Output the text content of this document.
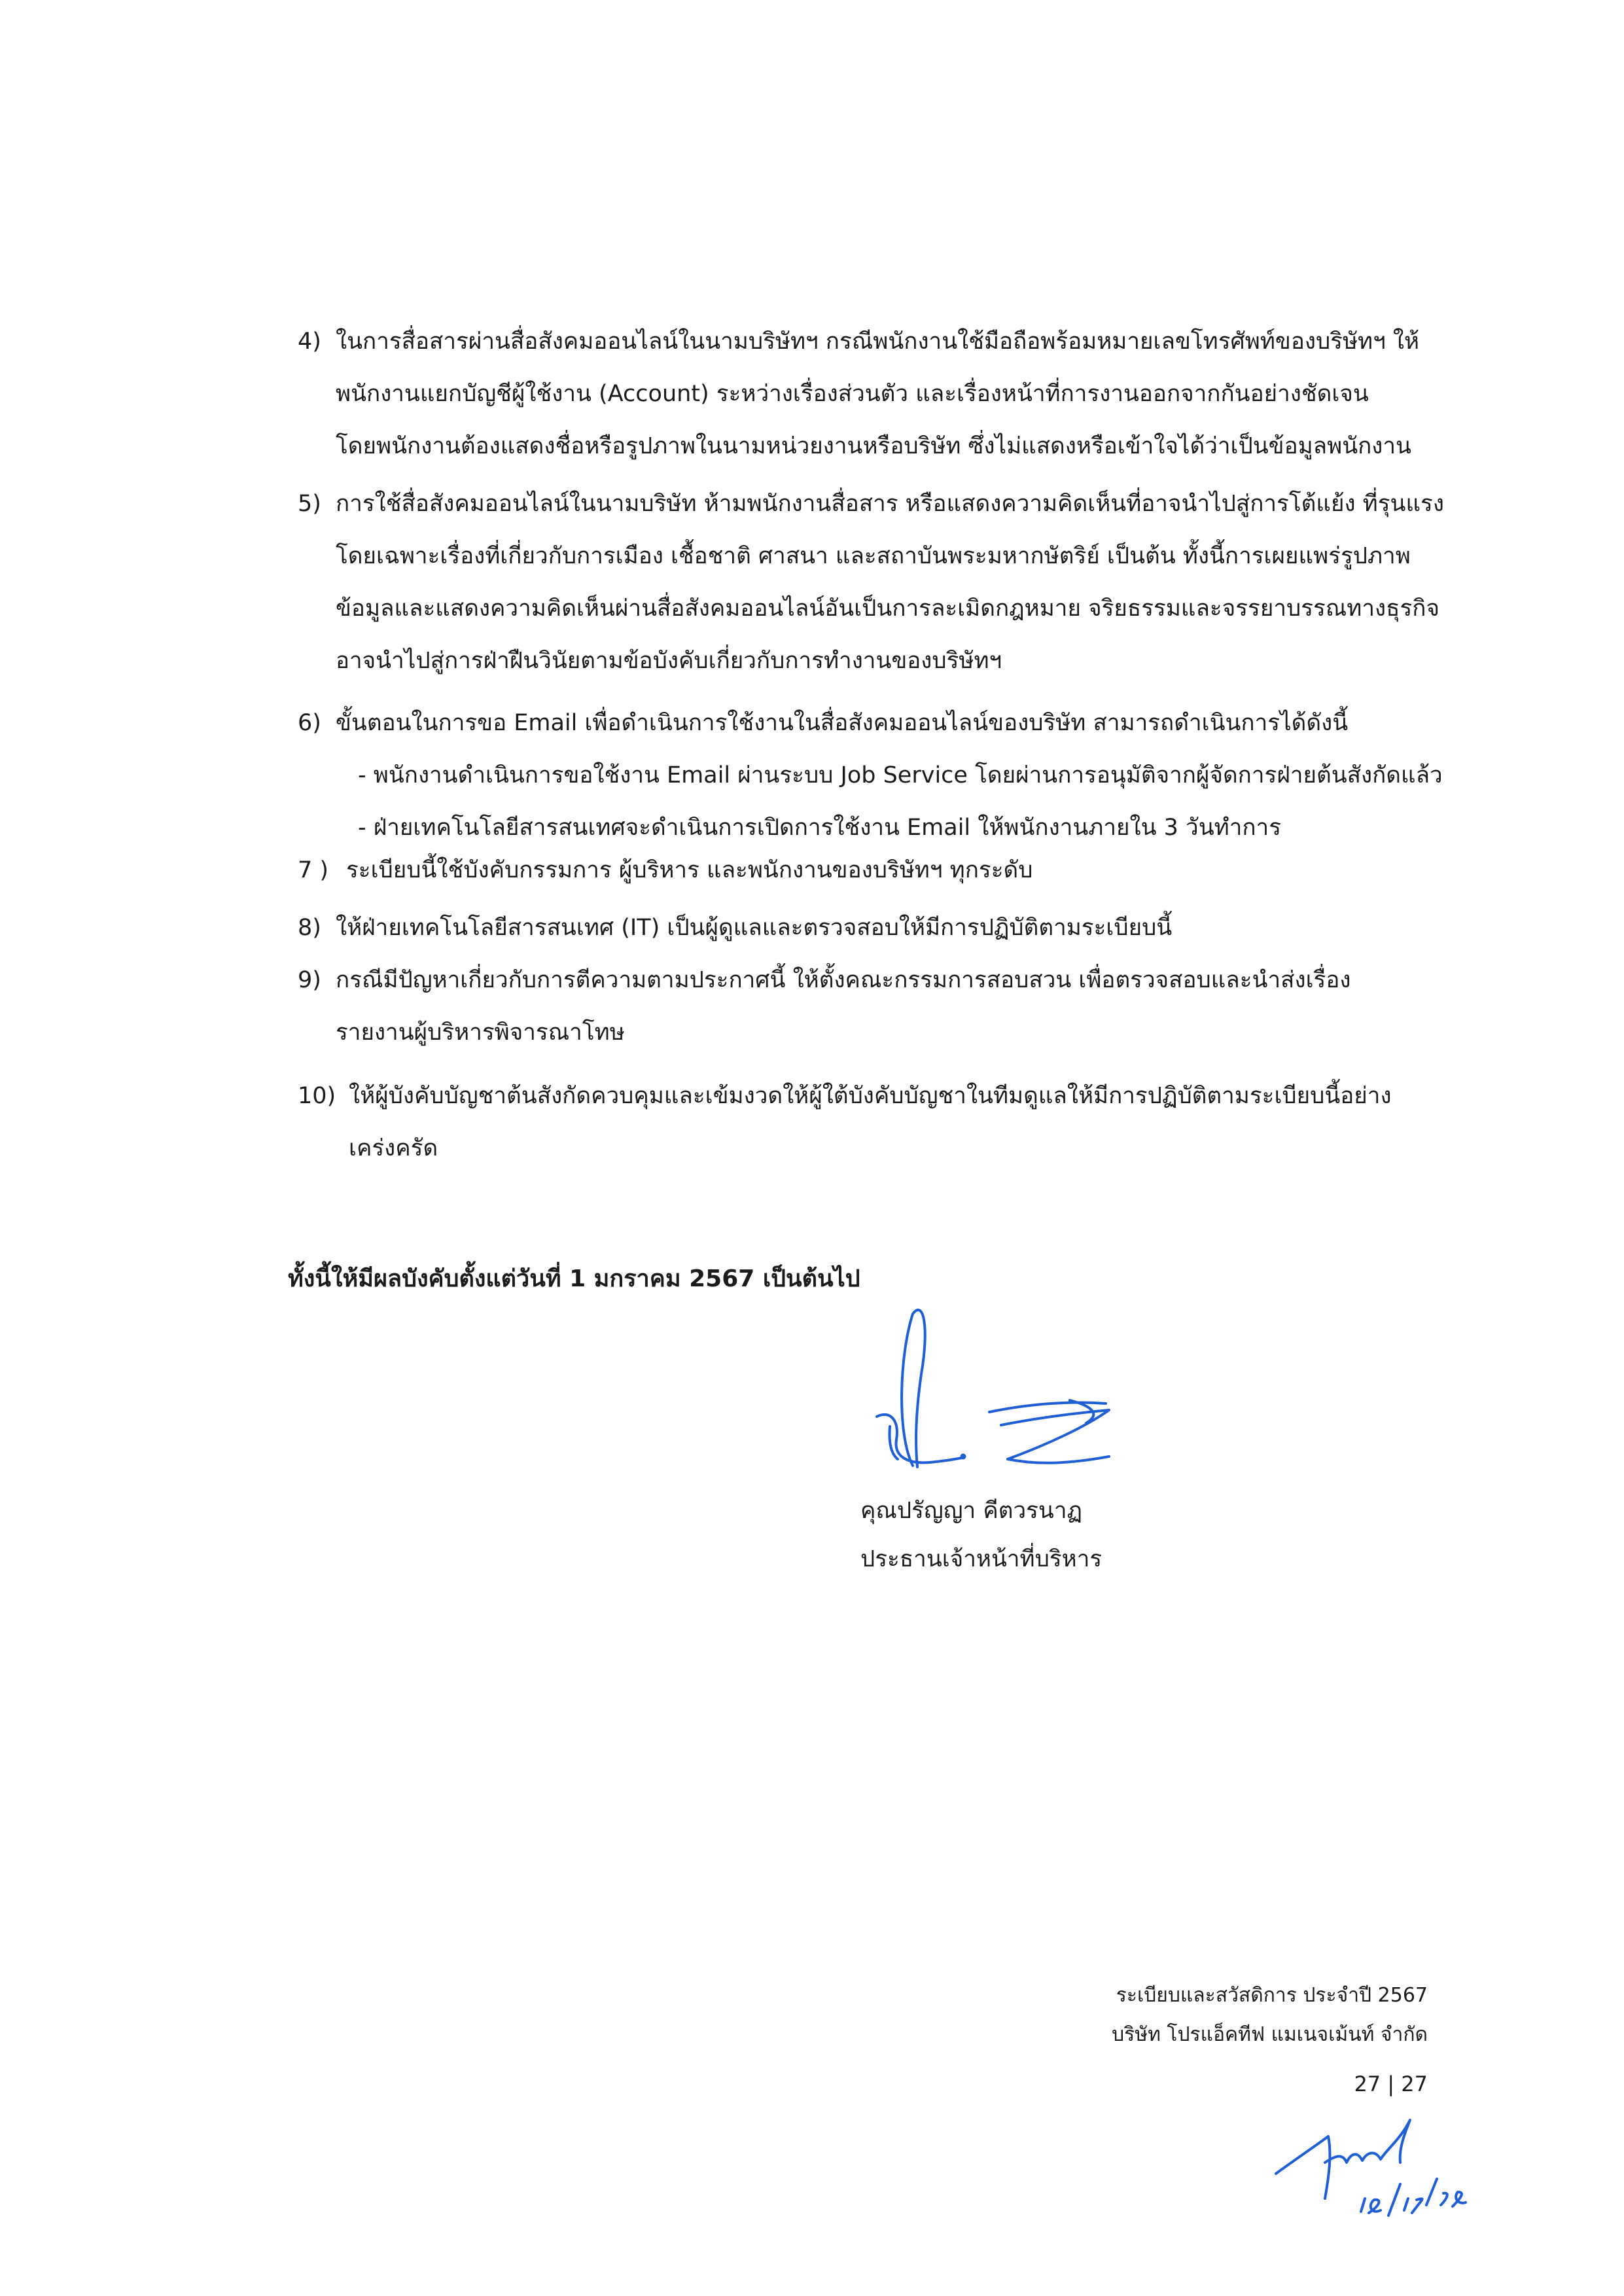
4) ในการสื่อสารผ่านสื่อสังคมออนไลน์ในนามบริษัทฯ กรณีพนักงานใช้มือถือพร้อมหมายเลขโทรศัพท์ของบริษัทฯ ให้
พนักงานแยกบัญชีผู้ใช้งาน (Account) ระหว่างเรื่องส่วนตัว และเรื่องหน้าที่การงานออกจากกันอย่างชัดเจน
โดยพนักงานต้องแสดงชื่อหรือรูปภาพในนามหน่วยงานหรือบริษัท ซึ่งไม่แสดงหรือเข้าใจได้ว่าเป็นข้อมูลพนักงาน
5) การใช้สื่อสังคมออนไลน์ในนามบริษัท ห้ามพนักงานสื่อสาร หรือแสดงความคิดเห็นที่อาจนำไปสู่การโต้แย้ง ที่รุนแรง
โดยเฉพาะเรื่องที่เกี่ยวกับการเมือง เชื้อชาติ ศาสนา และสถาบันพระมหากษัตริย์ เป็นต้น ทั้งนี้การเผยแพร่รูปภาพ
ข้อมูลและแสดงความคิดเห็นผ่านสื่อสังคมออนไลน์อันเป็นการละเมิดกฎหมาย จริยธรรมและจรรยาบรรณทางธุรกิจ
อาจนำไปสู่การฝ่าฝืนวินัยตามข้อบังคับเกี่ยวกับการทำงานของบริษัทฯ
6) ขั้นตอนในการขอ Email เพื่อดำเนินการใช้งานในสื่อสังคมออนไลน์ของบริษัท สามารถดำเนินการได้ดังนี้
- พนักงานดำเนินการขอใช้งาน Email ผ่านระบบ Job Service โดยผ่านการอนุมัติจากผู้จัดการฝ่ายต้นสังกัดแล้ว
- ฝ่ายเทคโนโลยีสารสนเทศจะดำเนินการเปิดการใช้งาน Email ให้พนักงานภายใน 3 วันทำการ
7 ) ระเบียบนี้ใช้บังคับกรรมการ ผู้บริหาร และพนักงานของบริษัทฯ ทุกระดับ
8) ให้ฝ่ายเทคโนโลยีสารสนเทศ (IT) เป็นผู้ดูแลและตรวจสอบให้มีการปฏิบัติตามระเบียบนี้
9) กรณีมีปัญหาเกี่ยวกับการตีความตามประกาศนี้ ให้ตั้งคณะกรรมการสอบสวน เพื่อตรวจสอบและนำส่งเรื่อง
รายงานผู้บริหารพิจารณาโทษ
10) ให้ผู้บังคับบัญชาต้นสังกัดควบคุมและเข้มงวดให้ผู้ใต้บังคับบัญชาในทีมดูแลให้มีการปฏิบัติตามระเบียบนี้อย่าง
เคร่งครัด
ทั้งนี้ให้มีผลบังคับตั้งแต่วันที่ 1 มกราคม 2567 เป็นต้นไป
คุณปรัญญา คีตวรนาฏ
ประธานเจ้าหน้าที่บริหาร
ระเบียบและสวัสดิการ ประจำปี 2567
บริษัท โปรแอ็คทีฟ แมเนจเม้นท์ จำกัด
27 | 27
